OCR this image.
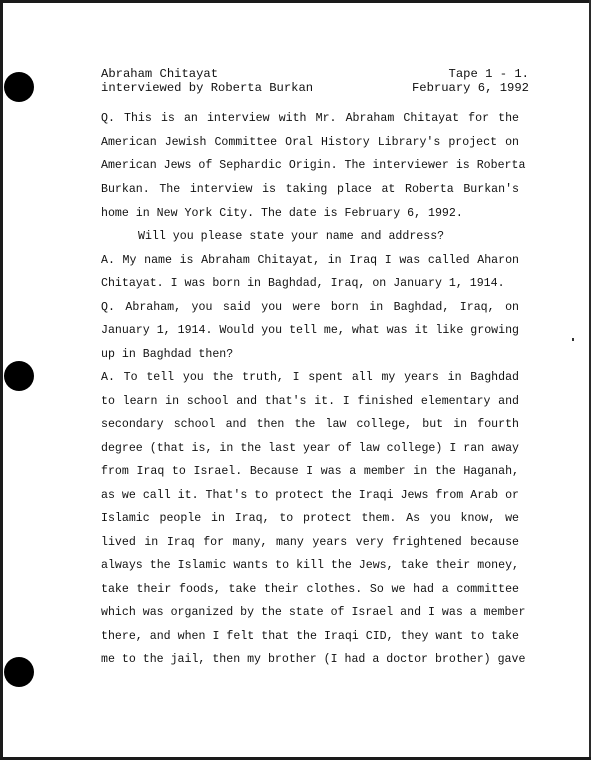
Abraham Chitayat
interviewed by Roberta Burkan
Tape 1 - 1.
February 6, 1992
Q. This is an interview with Mr. Abraham Chitayat for the
American Jewish Committee Oral History Library's project on
American Jews of Sephardic Origin. The interviewer is Roberta
Burkan. The interview is taking place at Roberta Burkan's
home in New York City. The date is February 6, 1992.
Will you please state your name and address?
A. My name is Abraham Chitayat, in Iraq I was called Aharon
Chitayat. I was born in Baghdad, Iraq, on January 1, 1914.
Q. Abraham, you said you were born in Baghdad, Iraq, on
January 1, 1914. Would you tell me, what was it like growing
up in Baghdad then?
A. To tell you the truth, I spent all my years in Baghdad
to learn in school and that's it. I finished elementary and
secondary school and then the law college, but in fourth
degree (that is, in the last year of law college) I ran away
from Iraq to Israel. Because I was a member in the Haganah,
as we call it. That's to protect the Iraqi Jews from Arab or
Islamic people in Iraq, to protect them. As you know, we
lived in Iraq for many, many years very frightened because
always the Islamic wants to kill the Jews, take their money,
take their foods, take their clothes. So we had a committee
which was organized by the state of Israel and I was a member
there, and when I felt that the Iraqi CID, they want to take
me to the jail, then my brother (I had a doctor brother) gave
